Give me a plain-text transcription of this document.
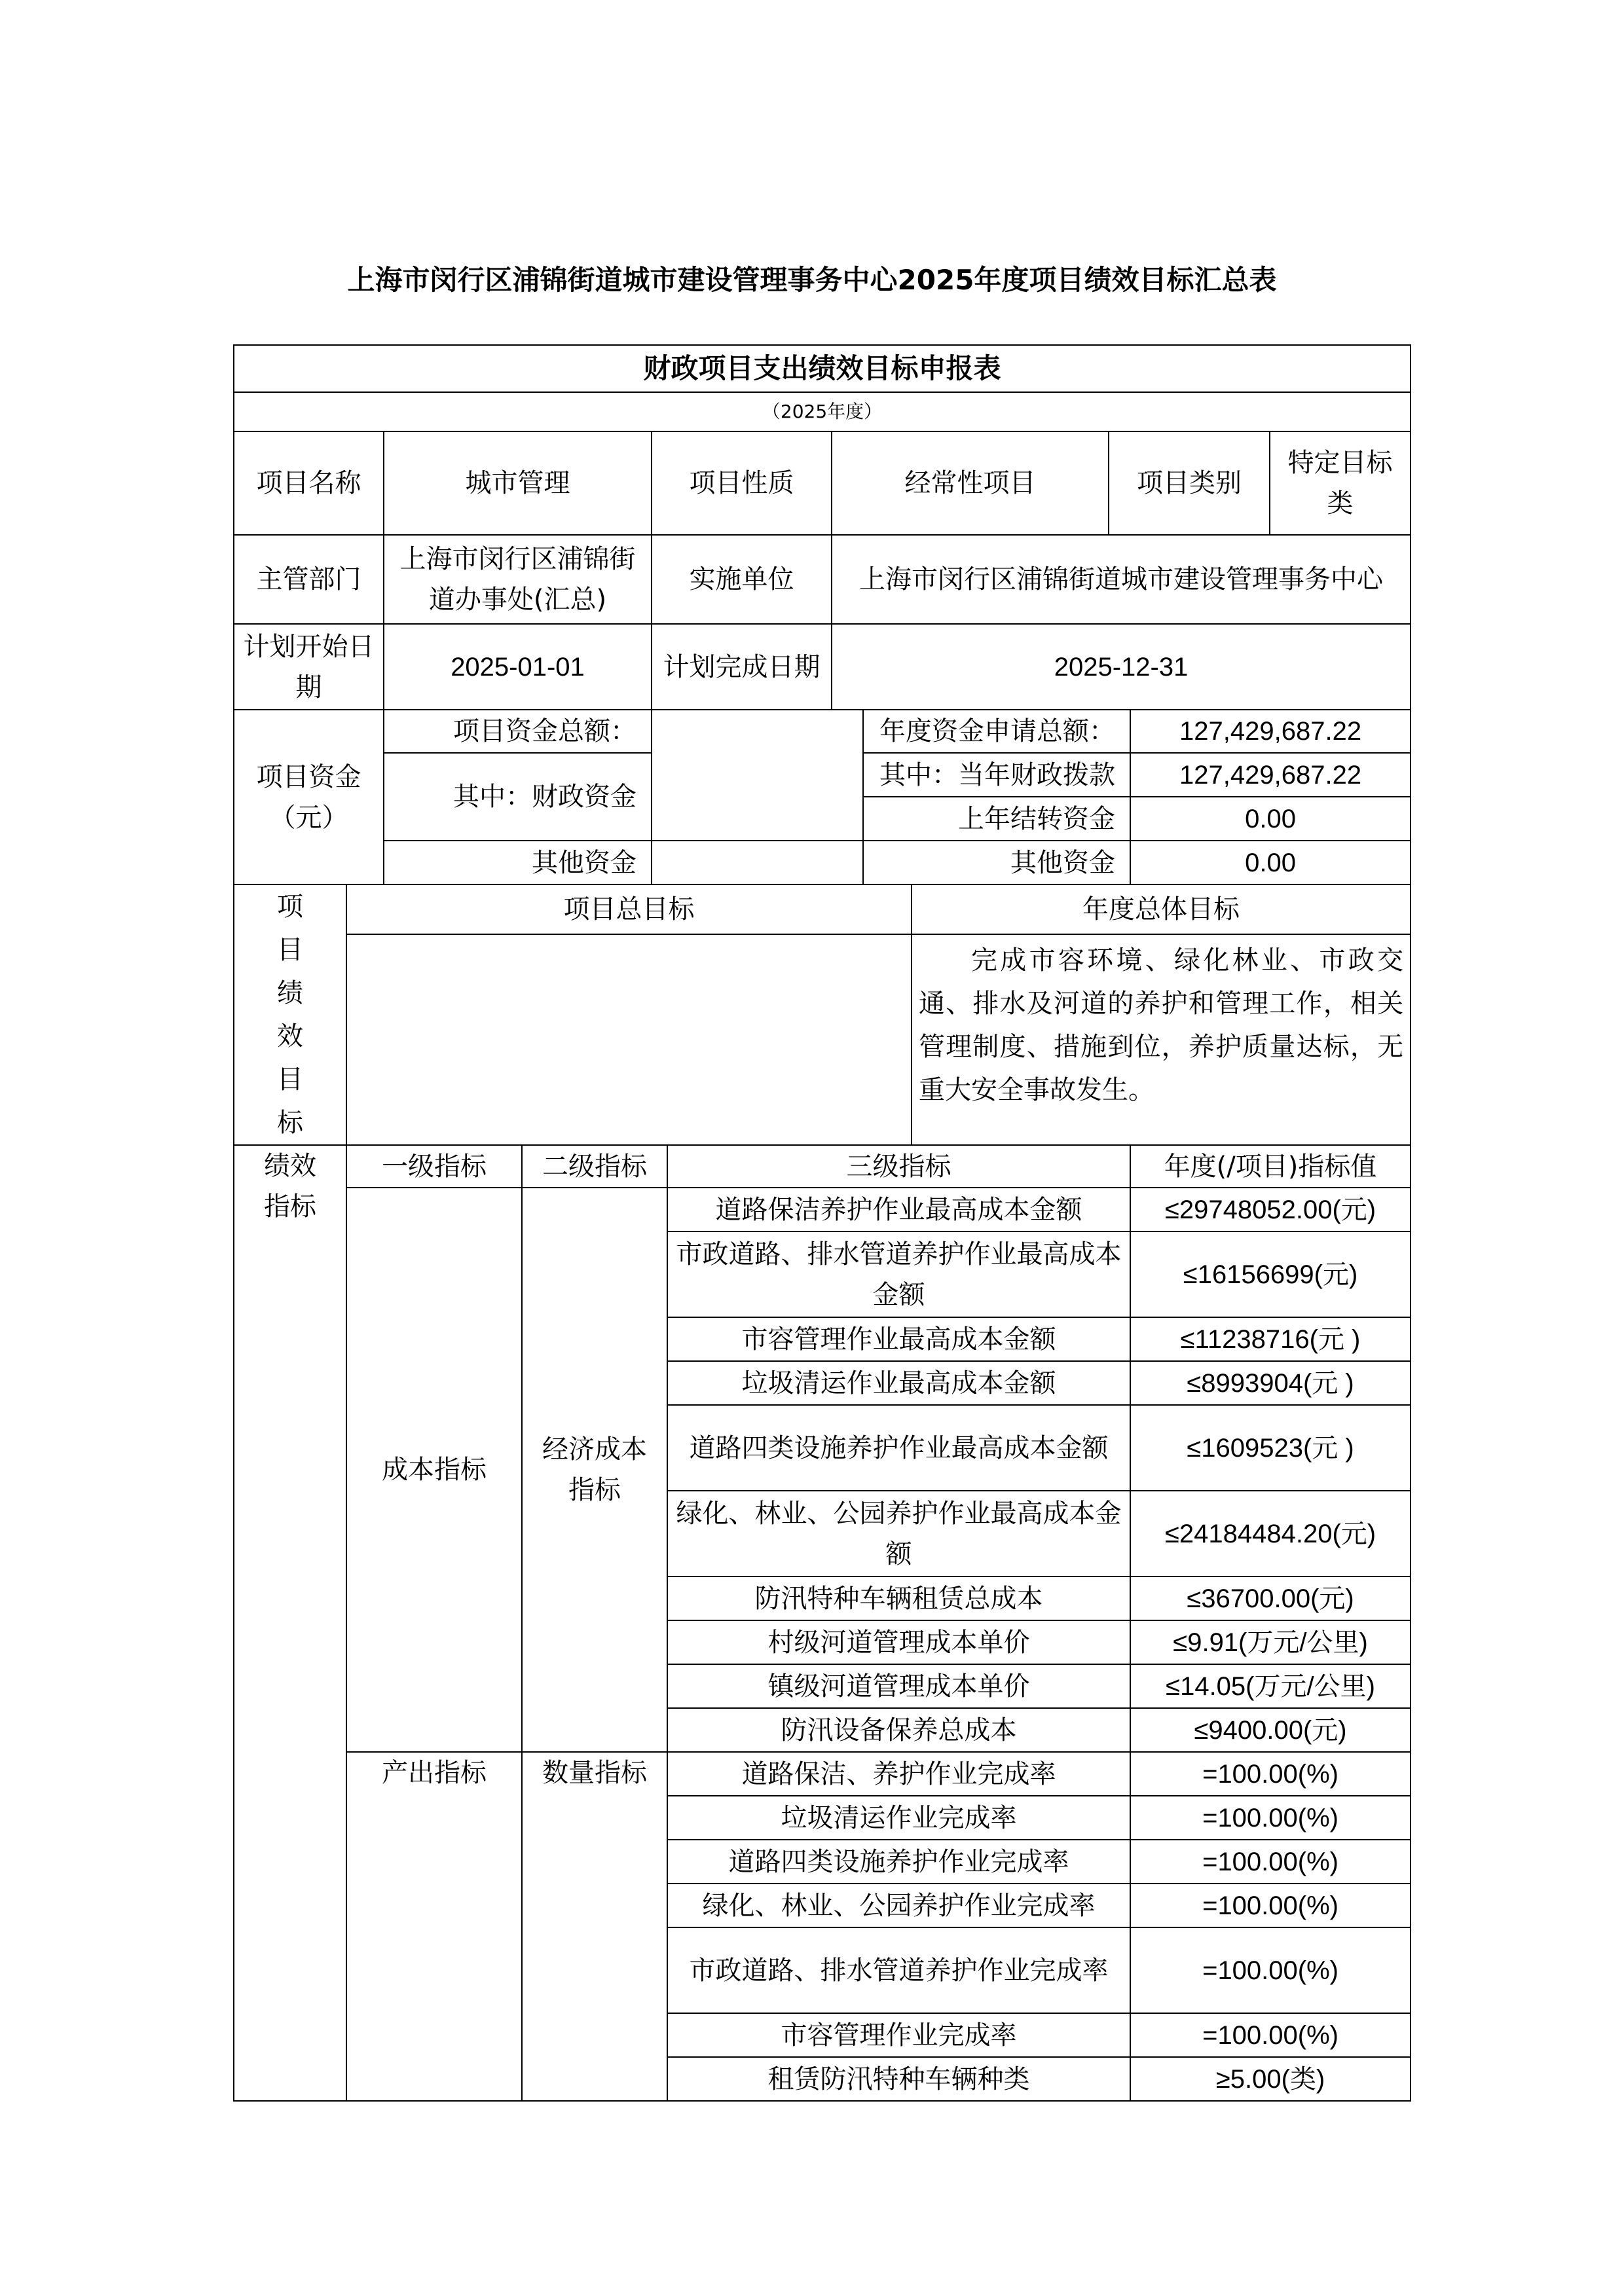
上海市闵行区浦锦街道城市建设管理事务中心2025年度项目绩效目标汇总表
财政项目支出绩效目标申报表											
（2025年度）											
项目名称		城市管理		项目性质		经常性项目			项目类别		特定目标类
主管部门		上海市闵行区浦锦街道办事处(汇总)		实施单位		上海市闵行区浦锦街道城市建设管理事务中心					
计划开始日期		2025-01-01		计划完成日期		2025-12-31					
项目资金（元）		项目资金总额：					年度资金申请总额：			127,429,687.22	
		其中：财政资金					其中：当年财政拨款			127,429,687.22	
							上年结转资金			0.00	
		其他资金					其他资金			0.00	

项目绩效目标	项目总目标							年度总体目标			

								完成市容环境、绿化林业、市政交通、排水及河道的养护和管理工作，相关管理制度、措施到位，养护质量达标，无重大安全事故发生。			

绩效指标	一级指标		二级指标		三级指标					年度(/项目)指标值	
	成本指标		经济成本指标		道路保洁养护作业最高成本金额					≤29748052.00(元)	
					市政道路、排水管道养护作业最高成本金额					≤16156699(元)	
					市容管理作业最高成本金额					≤11238716(元 )	
					垃圾清运作业最高成本金额					≤8993904(元 )	
					道路四类设施养护作业最高成本金额					≤1609523(元 )	
					绿化、林业、公园养护作业最高成本金额					≤24184484.20(元)	
					防汛特种车辆租赁总成本					≤36700.00(元)	
					村级河道管理成本单价					≤9.91(万元/公里)	
					镇级河道管理成本单价					≤14.05(万元/公里)	
					防汛设备保养总成本					≤9400.00(元)	
	产出指标		数量指标		道路保洁、养护作业完成率					=100.00(%)	
					垃圾清运作业完成率					=100.00(%)	
					道路四类设施养护作业完成率					=100.00(%)	
					绿化、林业、公园养护作业完成率					=100.00(%)	
					市政道路、排水管道养护作业完成率					=100.00(%)	
					市容管理作业完成率					=100.00(%)	
					租赁防汛特种车辆种类					≥5.00(类)	
